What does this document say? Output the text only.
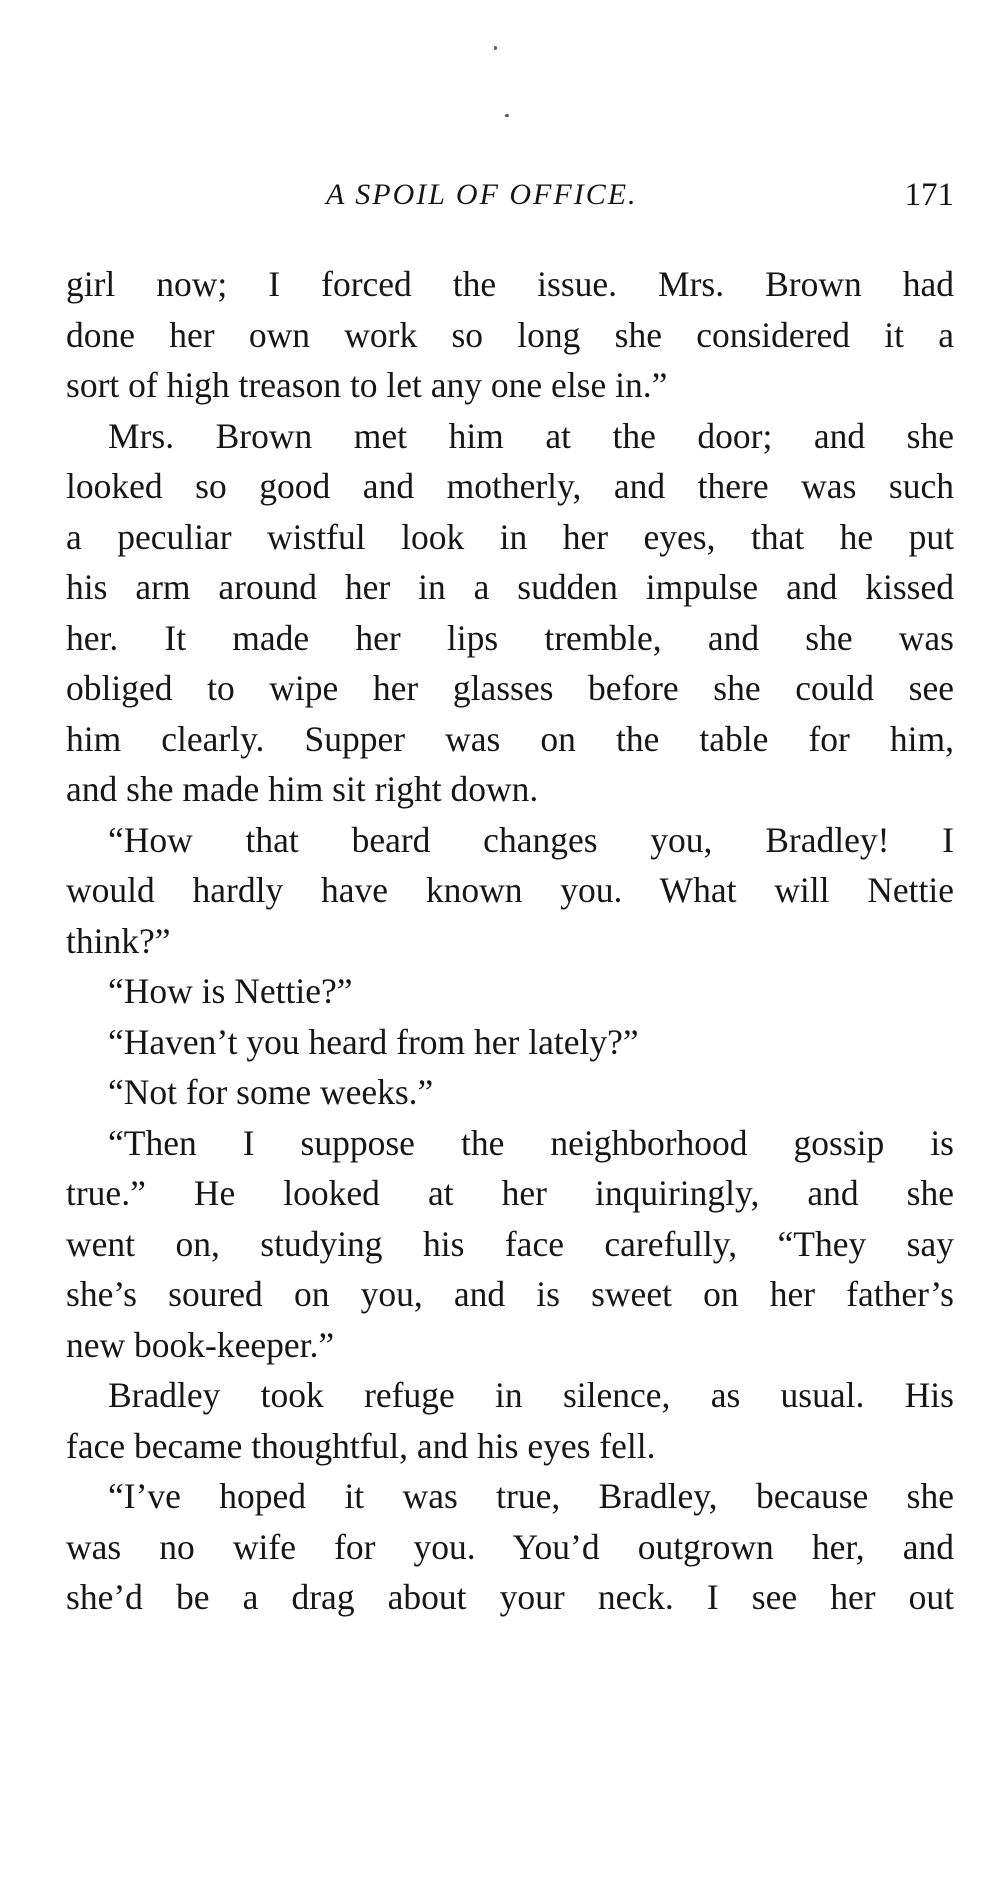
A SPOIL OF OFFICE.	171
girl now; I forced the issue. Mrs. Brown had
done her own work so long she considered it a
sort of high treason to let any one else in.”
Mrs. Brown met him at the door; and she
looked so good and motherly, and there was such
a peculiar wistful look in her eyes, that he put
his arm around her in a sudden impulse and kissed
her. It made her lips tremble, and she was
obliged to wipe her glasses before she could see
him clearly. Supper was on the table for him,
and she made him sit right down.
“How that beard changes you, Bradley! I
would hardly have known you. What will Nettie
think?”
“How is Nettie?”
“Haven’t you heard from her lately?”
“Not for some weeks.”
“Then I suppose the neighborhood gossip is
true.” He looked at her inquiringly, and she
went on, studying his face carefully, “They say
she’s soured on you, and is sweet on her father’s
new book-keeper.”
Bradley took refuge in silence, as usual. His
face became thoughtful, and his eyes fell.
“I’ve hoped it was true, Bradley, because she
was no wife for you. You’d outgrown her, and
she’d be a drag about your neck. I see her out
